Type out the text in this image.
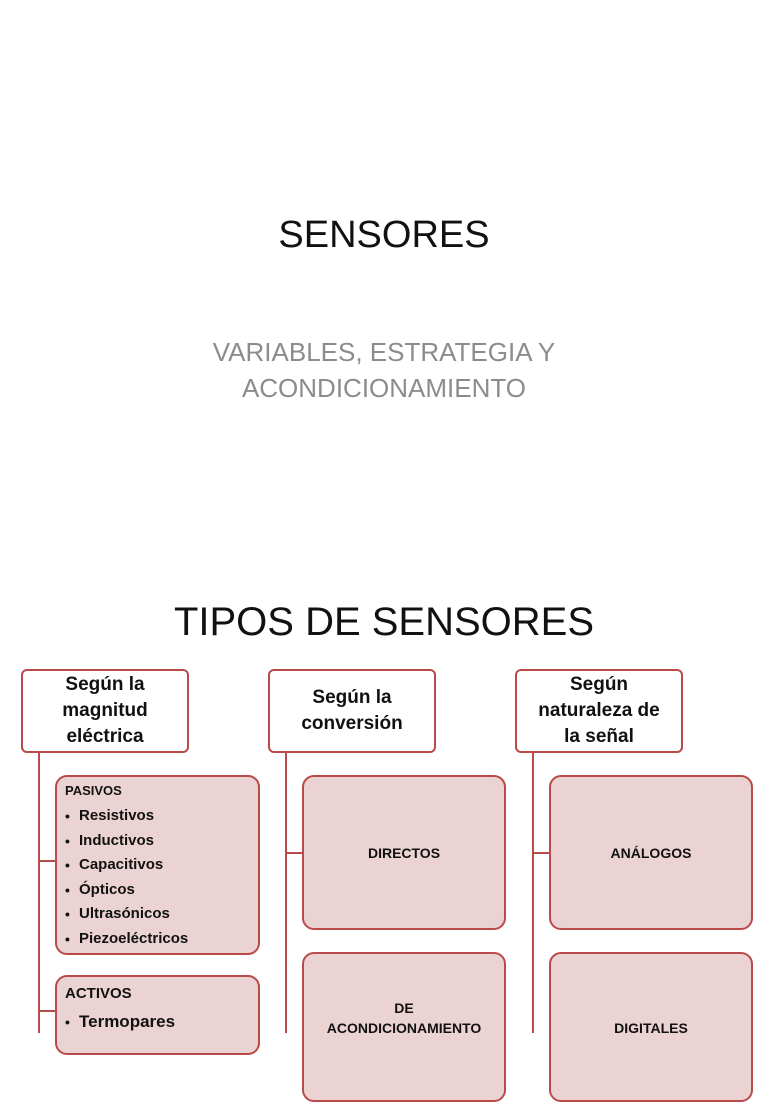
SENSORES
VARIABLES, ESTRATEGIA Y
ACONDICIONAMIENTO
TIPOS DE SENSORES
Según la
magnitud
eléctrica
Según la
conversión
Según
naturaleza de
la señal
PASIVOS
• Resistivos
• Inductivos
• Capacitivos
• Ópticos
• Ultrasónicos
• Piezoeléctricos
ACTIVOS
• Termopares
DIRECTOS
DE
ACONDICIONAMIENTO
ANÁLOGOS
DIGITALES
